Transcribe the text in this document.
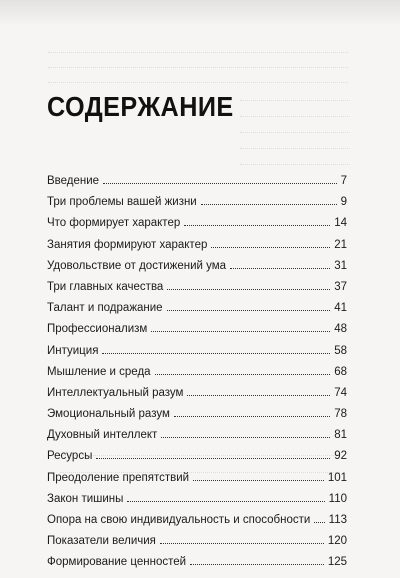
СОДЕРЖАНИЕ
Введение	7
Три проблемы вашей жизни	9
Что формирует характер	14
Занятия формируют характер	21
Удовольствие от достижений ума	31
Три главных качества	37
Талант и подражание	41
Профессионализм	48
Интуиция	58
Мышление и среда	68
Интеллектуальный разум	74
Эмоциональный разум	78
Духовный интеллект	81
Ресурсы	92
Преодоление препятствий	101
Закон тишины	110
Опора на свою индивидуальность и способности 113
Показатели величия	120
Формирование ценностей	125
